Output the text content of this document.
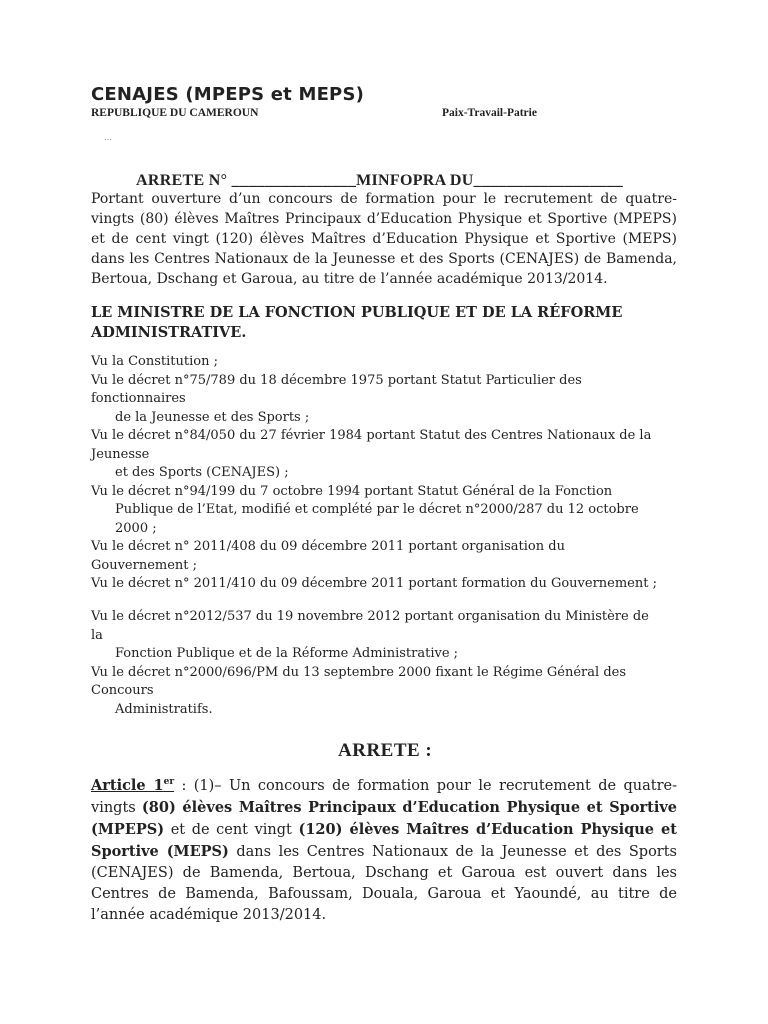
CENAJES (MPEPS et MEPS)
REPUBLIQUE DU CAMEROUN	Paix-Travail-Patrie
…
ARRETE N° _______________MINFOPRA DU__________________
Portant ouverture d’un concours de formation pour le recrutement de quatre-vingts (80) élèves Maîtres Principaux d’Education Physique et Sportive (MPEPS) et de cent vingt (120) élèves Maîtres d’Education Physique et Sportive (MEPS) dans les Centres Nationaux de la Jeunesse et des Sports (CENAJES) de Bamenda, Bertoua, Dschang et Garoua, au titre de l’année académique 2013/2014.
LE MINISTRE DE LA FONCTION PUBLIQUE ET DE LA RÉFORME ADMINISTRATIVE.
Vu la Constitution ;
Vu le décret n°75/789 du 18 décembre 1975 portant Statut Particulier des
fonctionnaires
de la Jeunesse et des Sports ;
Vu le décret n°84/050 du 27 février 1984 portant Statut des Centres Nationaux de la
Jeunesse
et des Sports (CENAJES) ;
Vu le décret n°94/199 du 7 octobre 1994 portant Statut Général de la Fonction
Publique de l’Etat, modifié et complété par le décret n°2000/287 du 12 octobre
2000 ;
Vu le décret n° 2011/408 du 09 décembre 2011 portant organisation du
Gouvernement ;
Vu le décret n° 2011/410 du 09 décembre 2011 portant formation du Gouvernement ;
Vu le décret n°2012/537 du 19 novembre 2012 portant organisation du Ministère de
la
Fonction Publique et de la Réforme Administrative ;
Vu le décret n°2000/696/PM du 13 septembre 2000 fixant le Régime Général des
Concours
Administratifs.
ARRETE :
Article 1er : (1)– Un concours de formation pour le recrutement de quatre-vingts (80) élèves Maîtres Principaux d’Education Physique et Sportive (MPEPS) et de cent vingt (120) élèves Maîtres d’Education Physique et Sportive (MEPS) dans les Centres Nationaux de la Jeunesse et des Sports (CENAJES) de Bamenda, Bertoua, Dschang et Garoua est ouvert dans les Centres de Bamenda, Bafoussam, Douala, Garoua et Yaoundé, au titre de l’année académique 2013/2014.
